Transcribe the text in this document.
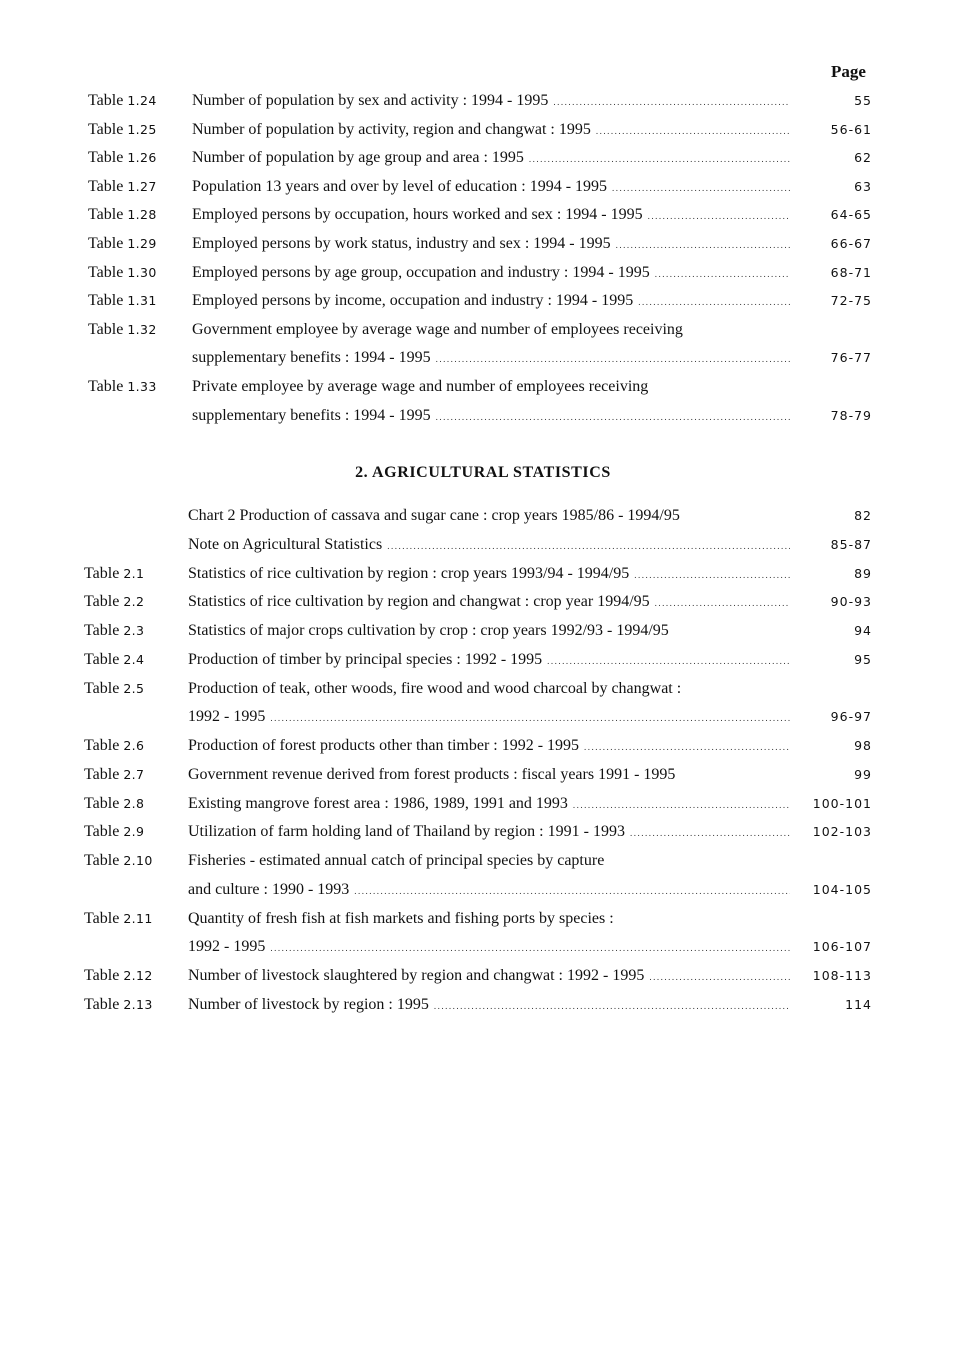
Page
Table 1.24 Number of population by sex and activity : 1994 - 1995 .....	55
Table 1.25 Number of population by activity, region and changwat : 1995 .....	56-61
Table 1.26 Number of population by age group and area : 1995 .....	62
Table 1.27 Population 13 years and over by level of education : 1994 - 1995 .....	63
Table 1.28 Employed persons by occupation, hours worked and sex : 1994 - 1995 .....	64-65
Table 1.29 Employed persons by work status, industry and sex : 1994 - 1995 .....	66-67
Table 1.30 Employed persons by age group, occupation and industry : 1994 - 1995 .....	68-71
Table 1.31 Employed persons by income, occupation and industry : 1994 - 1995 .....	72-75
Table 1.32 Government employee by average wage and number of employees receiving
supplementary benefits : 1994 - 1995 .....	76-77
Table 1.33 Private employee by average wage and number of employees receiving
supplementary benefits : 1994 - 1995 .....	78-79
2. AGRICULTURAL STATISTICS
Chart 2 Production of cassava and sugar cane : crop years 1985/86 - 1994/95	82
Note on Agricultural Statistics .....	85-87
Table 2.1	Statistics of rice cultivation by region : crop years 1993/94 - 1994/95 .....	89
Table 2.2	Statistics of rice cultivation by region and changwat : crop year 1994/95 .....	90-93
Table 2.3	Statistics of major crops cultivation by crop : crop years 1992/93 - 1994/95	94
Table 2.4	Production of timber by principal species : 1992 - 1995 .....	95
Table 2.5	Production of teak, other woods, fire wood and wood charcoal by changwat :
1992 - 1995 .....	96-97
Table 2.6	Production of forest products other than timber : 1992 - 1995 .....	98
Table 2.7	Government revenue derived from forest products : fiscal years 1991 - 1995	99
Table 2.8	Existing mangrove forest area : 1986, 1989, 1991 and 1993 .....	100-101
Table 2.9	Utilization of farm holding land of Thailand by region : 1991 - 1993 .....	102-103
Table 2.10 Fisheries - estimated annual catch of principal species by capture
and culture : 1990 - 1993 .....	104-105
Table 2.11 Quantity of fresh fish at fish markets and fishing ports by species :
1992 - 1995 .....	106-107
Table 2.12 Number of livestock slaughtered by region and changwat : 1992 - 1995 .....	108-113
Table 2.13 Number of livestock by region : 1995 .....	114
